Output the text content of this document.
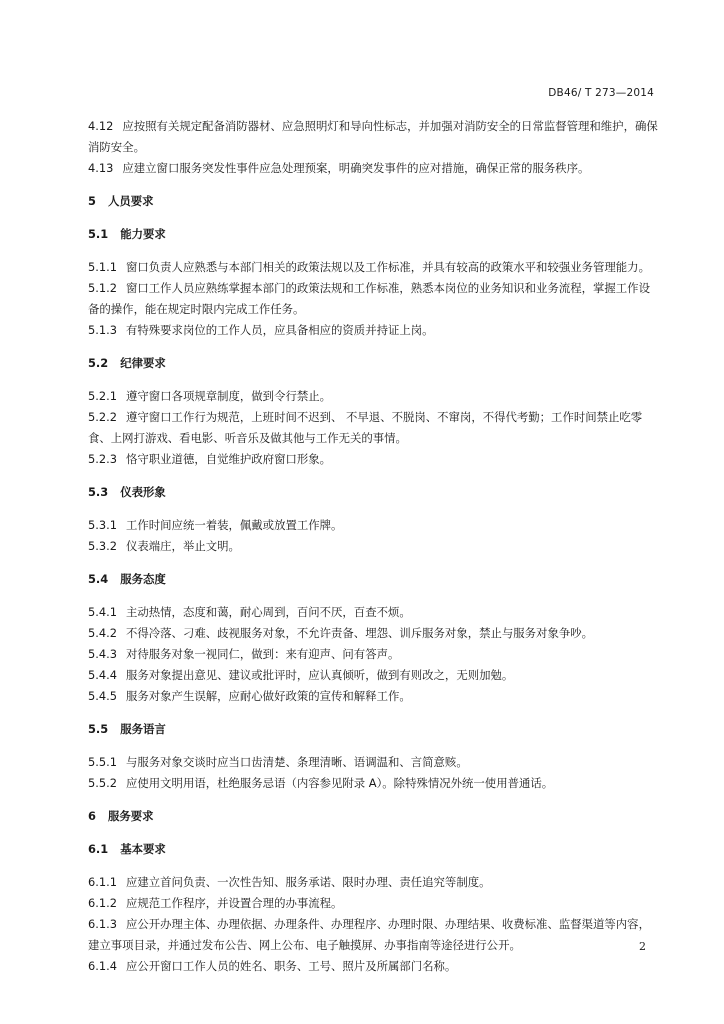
DB46/ T 273—2014

4.12 应按照有关规定配备消防器材、应急照明灯和导向性标志，并加强对消防安全的日常监督管理和维护，确保消防安全。

4.13 应建立窗口服务突发性事件应急处理预案，明确突发事件的应对措施，确保正常的服务秩序。

5 人员要求

5.1 能力要求

5.1.1 窗口负责人应熟悉与本部门相关的政策法规以及工作标准，并具有较高的政策水平和较强业务管理能力。

5.1.2 窗口工作人员应熟练掌握本部门的政策法规和工作标准，熟悉本岗位的业务知识和业务流程，掌握工作设备的操作，能在规定时限内完成工作任务。

5.1.3 有特殊要求岗位的工作人员，应具备相应的资质并持证上岗。

5.2 纪律要求

5.2.1 遵守窗口各项规章制度，做到令行禁止。

5.2.2 遵守窗口工作行为规范，上班时间不迟到、 不早退、不脱岗、不窜岗，不得代考勤；工作时间禁止吃零食、上网打游戏、看电影、听音乐及做其他与工作无关的事情。

5.2.3 恪守职业道德，自觉维护政府窗口形象。

5.3 仪表形象

5.3.1 工作时间应统一着装，佩戴或放置工作牌。

5.3.2 仪表端庄，举止文明。

5.4 服务态度

5.4.1 主动热情，态度和蔼，耐心周到，百问不厌，百查不烦。

5.4.2 不得冷落、刁难、歧视服务对象，不允许责备、埋怨、训斥服务对象，禁止与服务对象争吵。

5.4.3 对待服务对象一视同仁，做到：来有迎声、问有答声。

5.4.4 服务对象提出意见、建议或批评时，应认真倾听，做到有则改之，无则加勉。

5.4.5 服务对象产生误解，应耐心做好政策的宣传和解释工作。

5.5 服务语言

5.5.1 与服务对象交谈时应当口齿清楚、条理清晰、语调温和、言简意赅。

5.5.2 应使用文明用语，杜绝服务忌语（内容参见附录 A）。除特殊情况外统一使用普通话。

6 服务要求

6.1 基本要求

6.1.1 应建立首问负责、一次性告知、服务承诺、限时办理、责任追究等制度。

6.1.2 应规范工作程序，并设置合理的办事流程。

6.1.3 应公开办理主体、办理依据、办理条件、办理程序、办理时限、办理结果、收费标准、监督渠道等内容，建立事项目录，并通过发布公告、网上公布、电子触摸屏、办事指南等途径进行公开。

6.1.4 应公开窗口工作人员的姓名、职务、工号、照片及所属部门名称。

2
